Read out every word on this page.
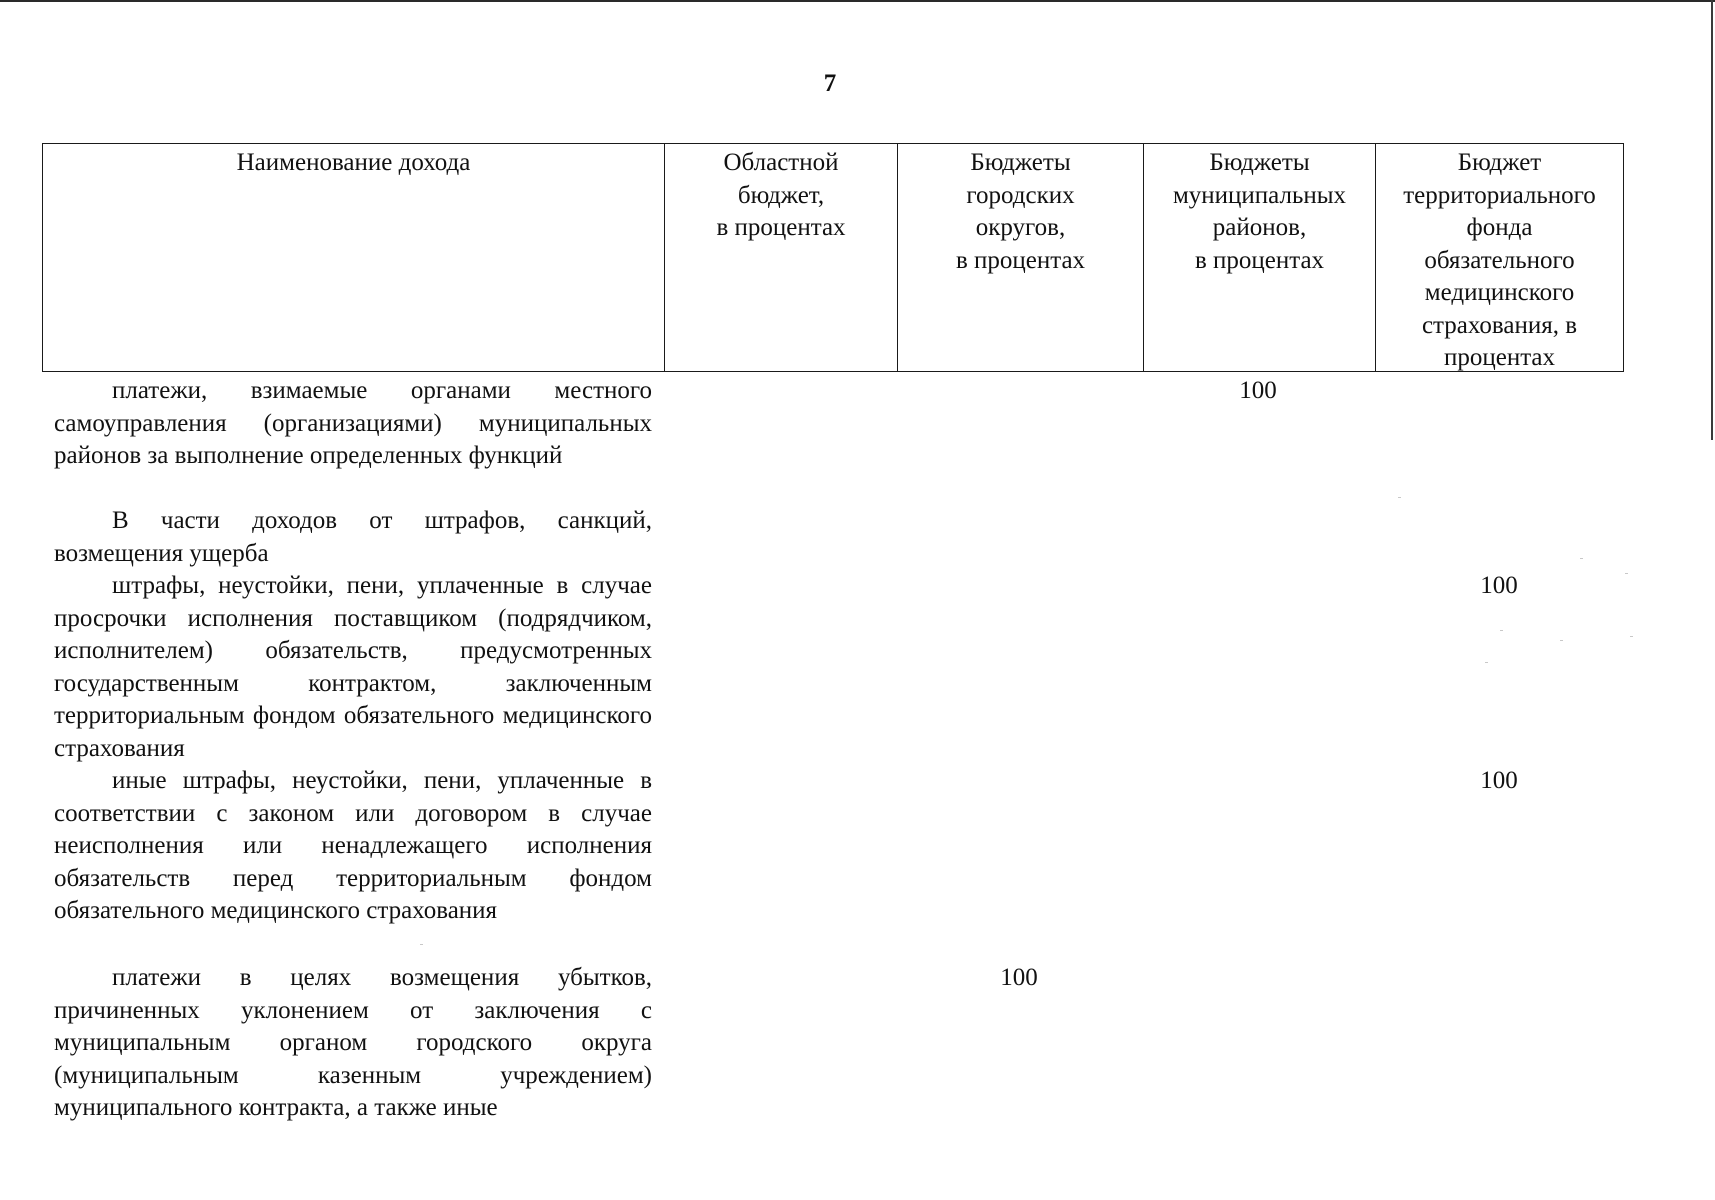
7
Наименование дохода	Областной
бюджет,
в процентах
Бюджеты
городских
округов,
в процентах
Бюджеты
муниципальных
районов,
в процентах
Бюджет
территориального
фонда
обязательного
медицинского
страхования, в
процентах
платежи, взимаемые органами местного самоуправления (организациями) муниципальных районов за выполнение определенных функций
100
В части доходов от штрафов, санкций, возмещения ущерба
штрафы, неустойки, пени, уплаченные в случае просрочки исполнения поставщиком (подрядчиком, исполнителем) обязательств, предусмотренных государственным контрактом, заключенным территориальным фондом обязательного медицинского страхования
100
иные штрафы, неустойки, пени, уплаченные в соответствии с законом или договором в случае неисполнения или ненадлежащего исполнения обязательств перед территориальным фондом обязательного медицинского страхования
100
платежи в целях возмещения убытков, причиненных уклонением от заключения с муниципальным органом городского округа (муниципальным казенным учреждением) муниципального контракта, а также иные
100
